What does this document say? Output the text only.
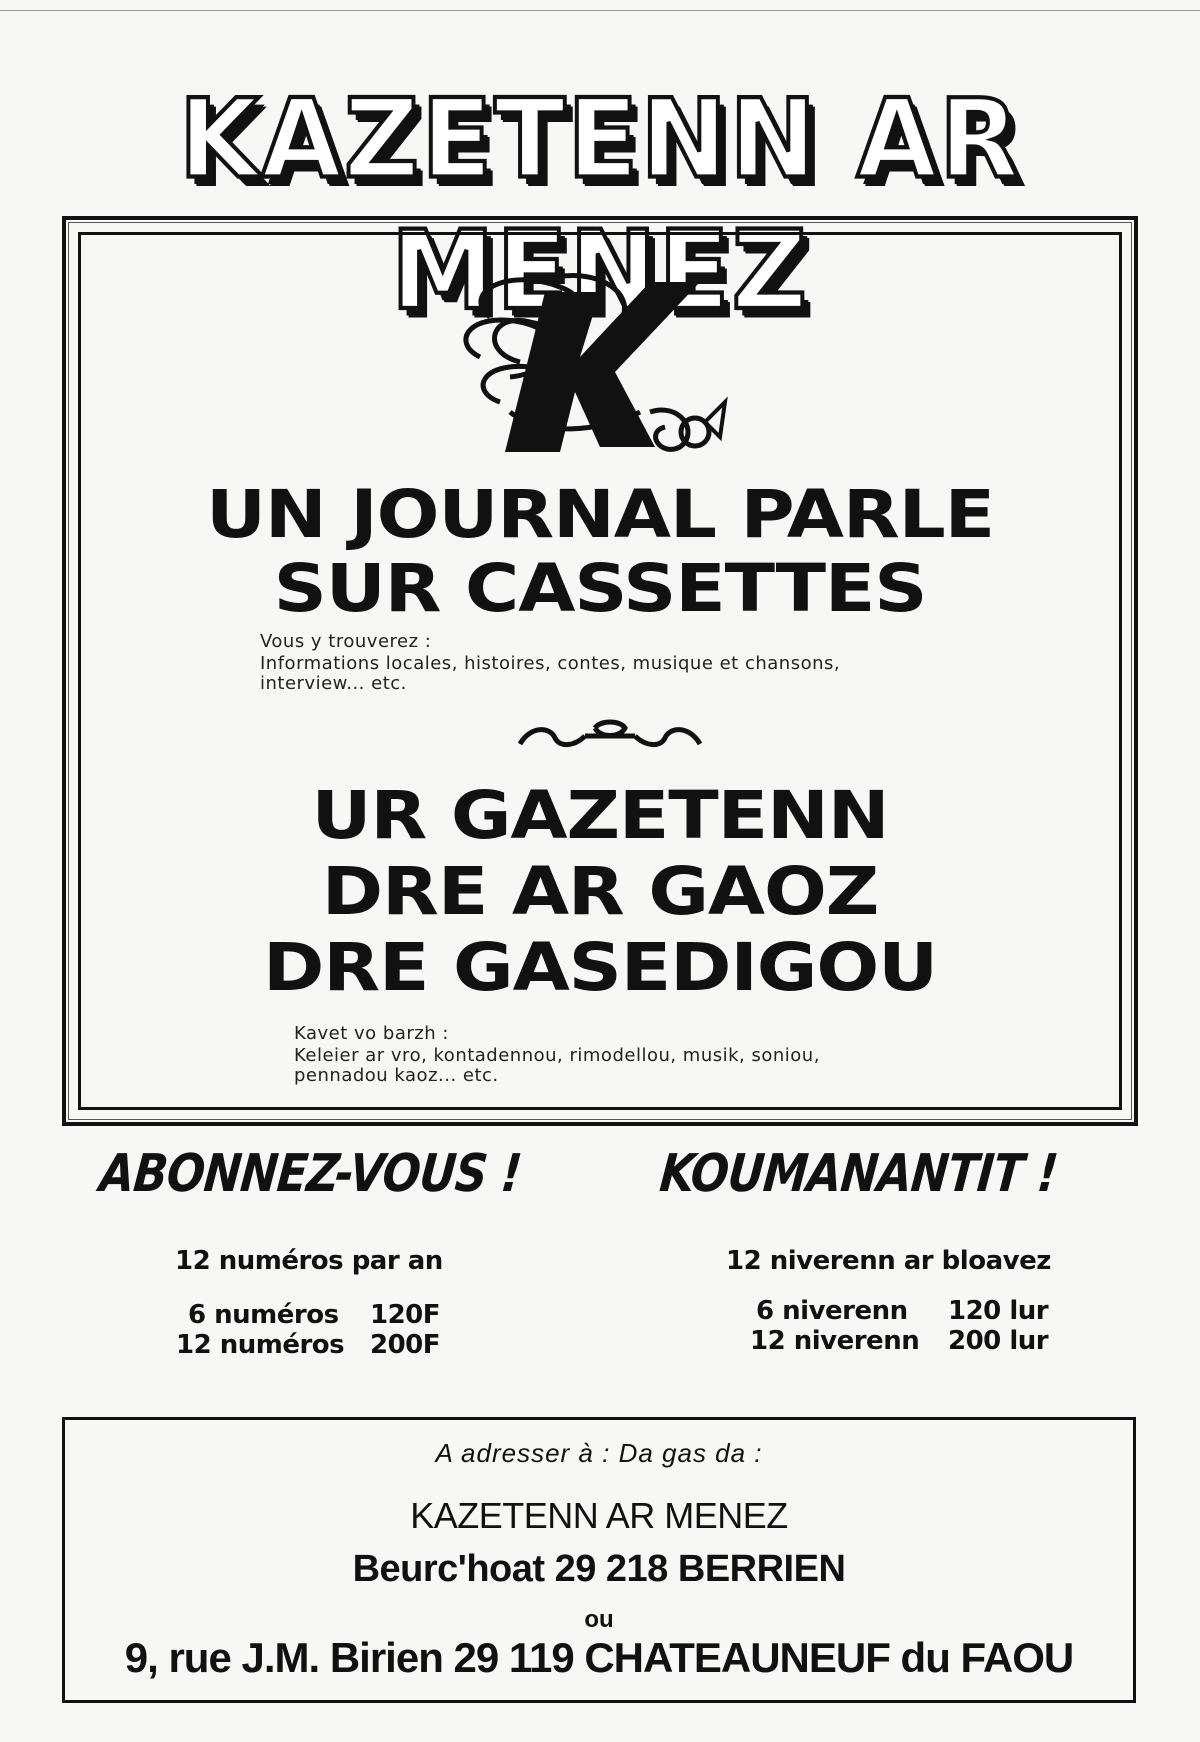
KAZETENN AR MENEZ
UN JOURNAL PARLE
SUR CASSETTES
Vous y trouverez :
Informations locales, histoires, contes, musique et chansons,
interview... etc.
UR GAZETENN
DRE AR GAOZ
DRE GASEDIGOU
Kavet vo barzh :
Keleier ar vro, kontadennou, rimodellou, musik, soniou,
pennadou kaoz... etc.
ABONNEZ-VOUS !	KOUMANANTIT !
12 numéros par an
6 numéros 120F
12 numéros 200F
12 niverenn ar bloavez
6 niverenn 120 lur
12 niverenn 200 lur
A adresser à : Da gas da :
KAZETENN AR MENEZ
Beurc'hoat 29 218 BERRIEN
ou
9, rue J.M. Birien 29 119 CHATEAUNEUF du FAOU
